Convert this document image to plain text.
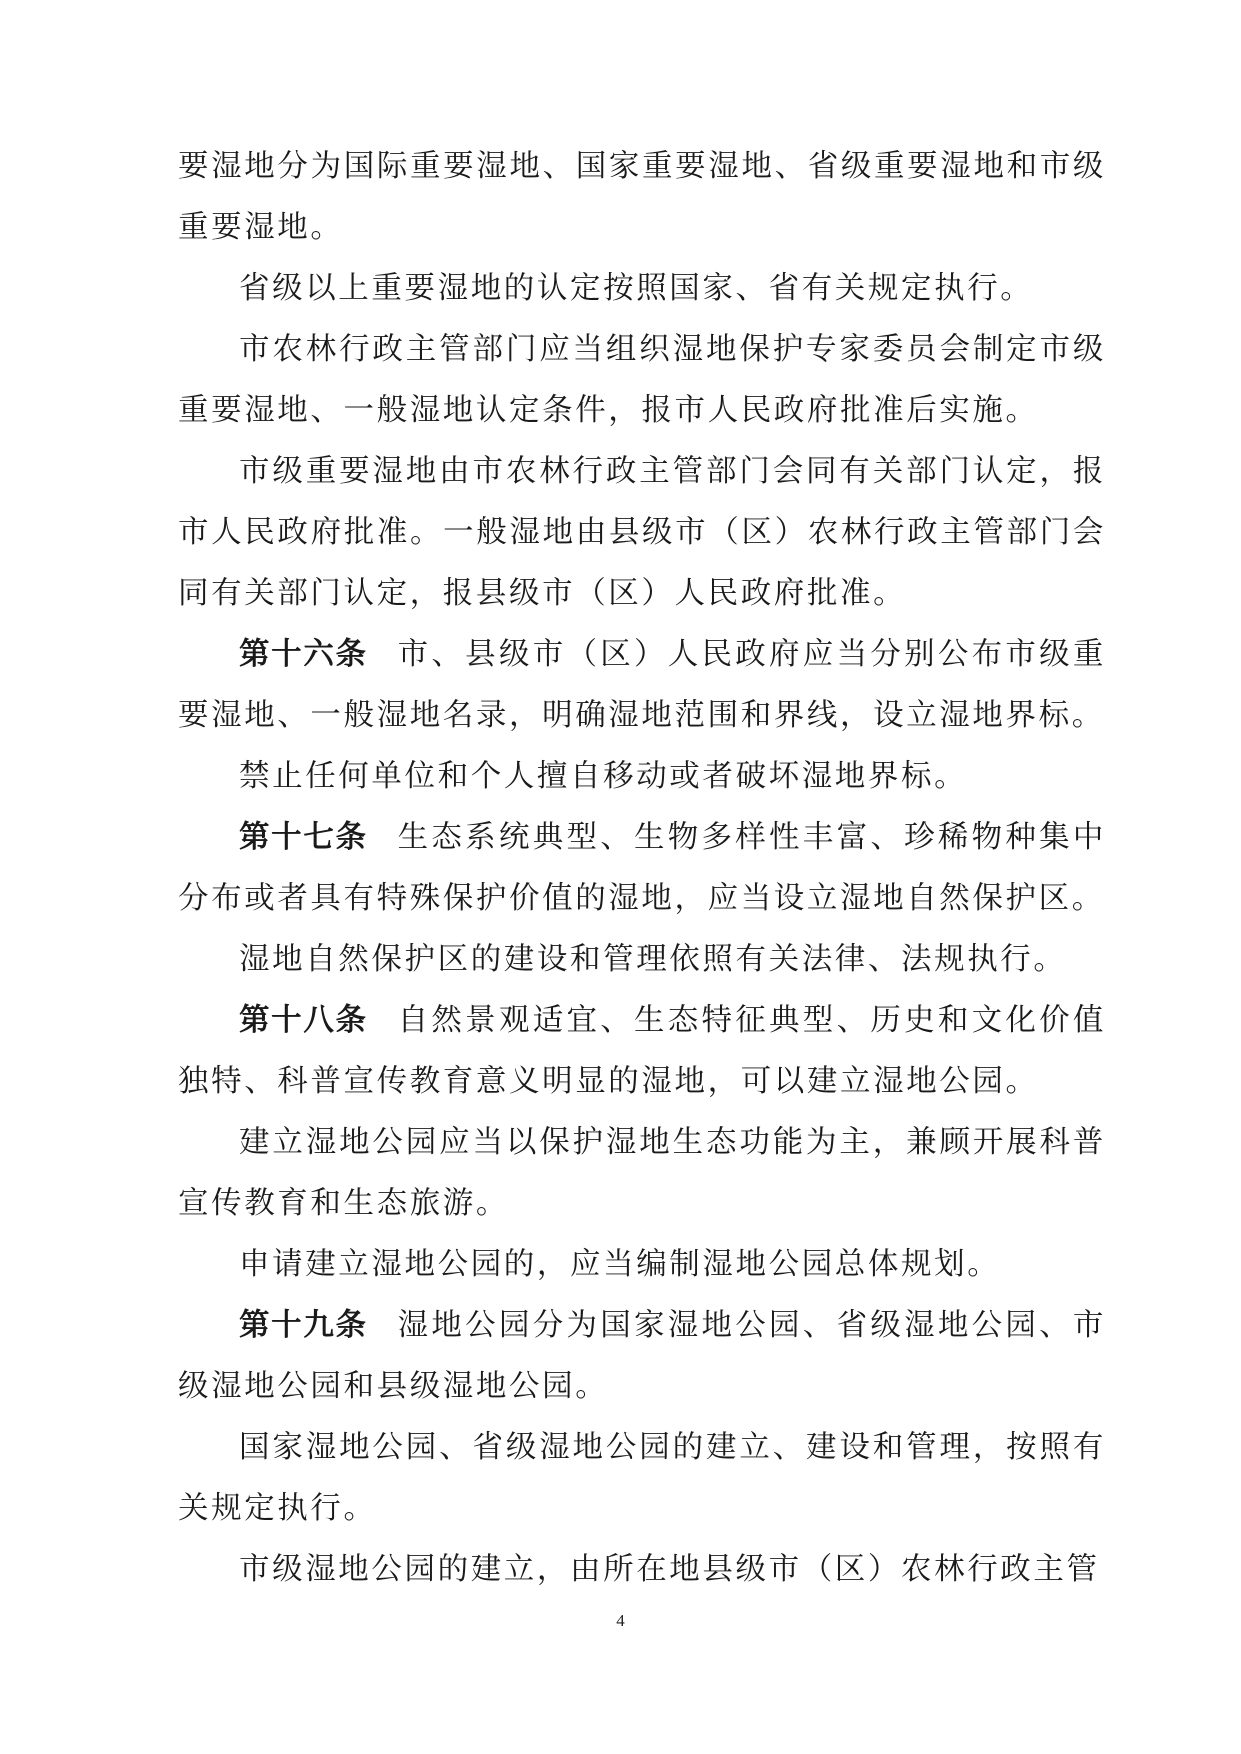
要湿地分为国际重要湿地、国家重要湿地、省级重要湿地和市级重要湿地。

省级以上重要湿地的认定按照国家、省有关规定执行。

市农林行政主管部门应当组织湿地保护专家委员会制定市级重要湿地、一般湿地认定条件，报市人民政府批准后实施。

市级重要湿地由市农林行政主管部门会同有关部门认定，报市人民政府批准。一般湿地由县级市（区）农林行政主管部门会同有关部门认定，报县级市（区）人民政府批准。

第十六条 市、县级市（区）人民政府应当分别公布市级重要湿地、一般湿地名录，明确湿地范围和界线，设立湿地界标。

禁止任何单位和个人擅自移动或者破坏湿地界标。

第十七条 生态系统典型、生物多样性丰富、珍稀物种集中分布或者具有特殊保护价值的湿地，应当设立湿地自然保护区。

湿地自然保护区的建设和管理依照有关法律、法规执行。

第十八条 自然景观适宜、生态特征典型、历史和文化价值独特、科普宣传教育意义明显的湿地，可以建立湿地公园。

建立湿地公园应当以保护湿地生态功能为主，兼顾开展科普宣传教育和生态旅游。

申请建立湿地公园的，应当编制湿地公园总体规划。

第十九条 湿地公园分为国家湿地公园、省级湿地公园、市级湿地公园和县级湿地公园。

国家湿地公园、省级湿地公园的建立、建设和管理，按照有关规定执行。

市级湿地公园的建立，由所在地县级市（区）农林行政主管

4
